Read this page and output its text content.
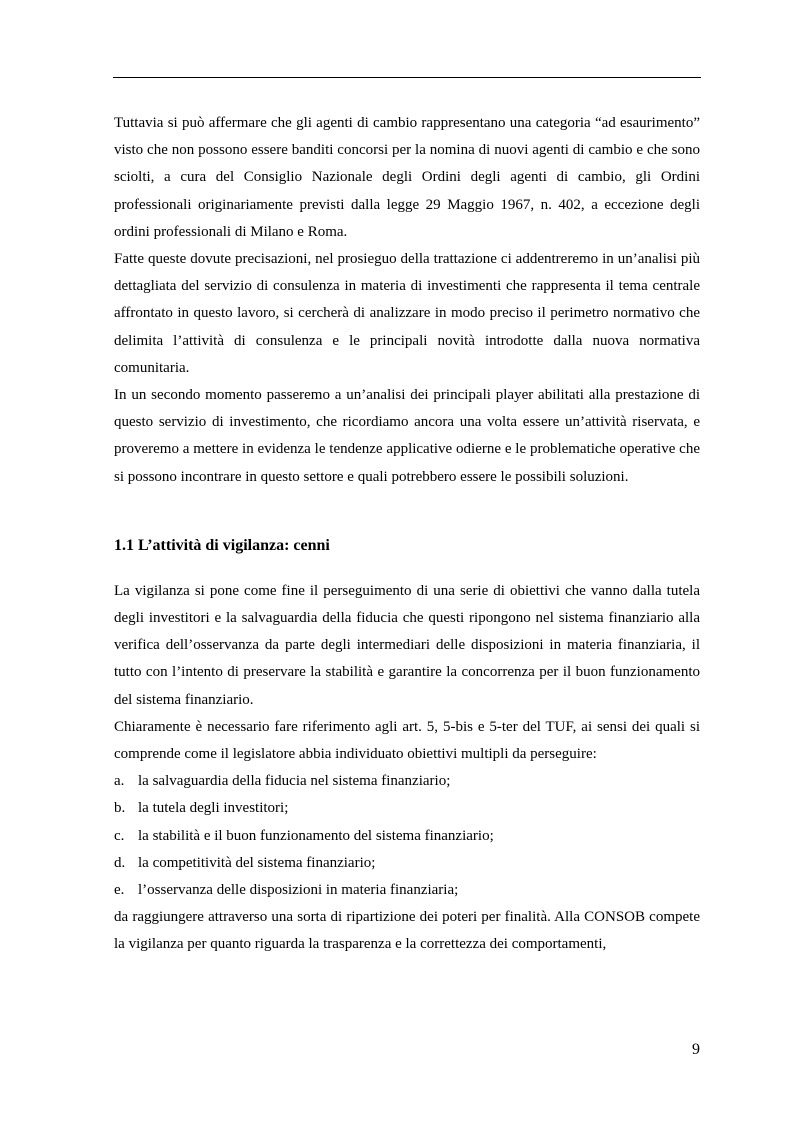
Tuttavia si può affermare che gli agenti di cambio rappresentano una categoria “ad esaurimento” visto che non possono essere banditi concorsi per la nomina di nuovi agenti di cambio e che sono sciolti, a cura del Consiglio Nazionale degli Ordini degli agenti di cambio, gli Ordini professionali originariamente previsti dalla legge 29 Maggio 1967, n. 402, a eccezione degli ordini professionali di Milano e Roma.

Fatte queste dovute precisazioni, nel prosieguo della trattazione ci addentreremo in un’analisi più dettagliata del servizio di consulenza in materia di investimenti che rappresenta il tema centrale affrontato in questo lavoro, si cercherà di analizzare in modo preciso il perimetro normativo che delimita l’attività di consulenza e le principali novità introdotte dalla nuova normativa comunitaria.

In un secondo momento passeremo a un’analisi dei principali player abilitati alla prestazione di questo servizio di investimento, che ricordiamo ancora una volta essere un’attività riservata, e proveremo a mettere in evidenza le tendenze applicative odierne e le problematiche operative che si possono incontrare in questo settore e quali potrebbero essere le possibili soluzioni.

1.1 L’attività di vigilanza: cenni

La vigilanza si pone come fine il perseguimento di una serie di obiettivi che vanno dalla tutela degli investitori e la salvaguardia della fiducia che questi ripongono nel sistema finanziario alla verifica dell’osservanza da parte degli intermediari delle disposizioni in materia finanziaria, il tutto con l’intento di preservare la stabilità e garantire la concorrenza per il buon funzionamento del sistema finanziario.

Chiaramente è necessario fare riferimento agli art. 5, 5-bis e 5-ter del TUF, ai sensi dei quali si comprende come il legislatore abbia individuato obiettivi multipli da perseguire:

a. la salvaguardia della fiducia nel sistema finanziario;
b. la tutela degli investitori;
c. la stabilità e il buon funzionamento del sistema finanziario;
d. la competitività del sistema finanziario;
e. l’osservanza delle disposizioni in materia finanziaria;

da raggiungere attraverso una sorta di ripartizione dei poteri per finalità. Alla CONSOB compete la vigilanza per quanto riguarda la trasparenza e la correttezza dei comportamenti,

9
